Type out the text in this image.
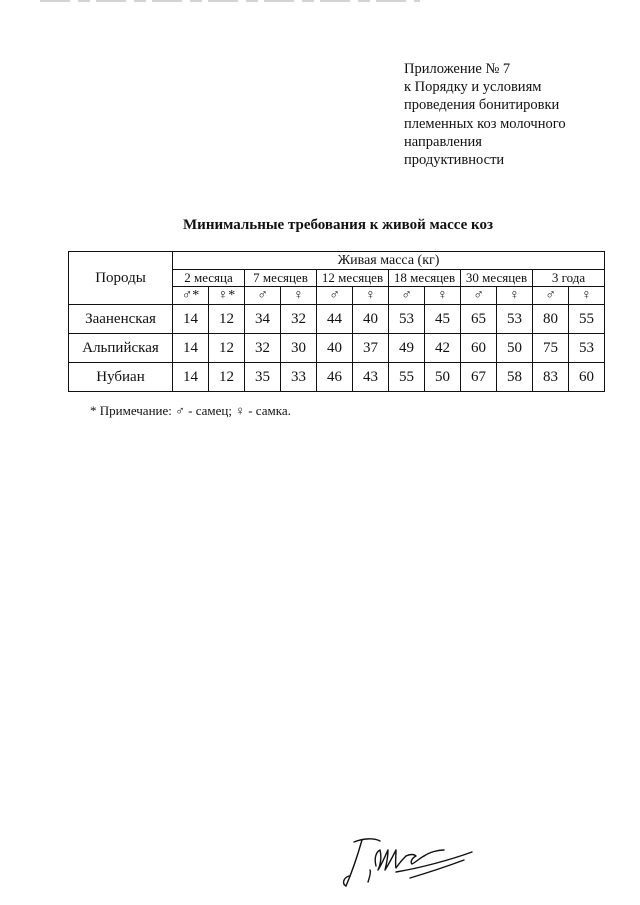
Приложение № 7
к Порядку и условиям
проведения бонитировки
племенных коз молочного
направления
продуктивности
Минимальные требования к живой массе коз
Породы	Живая масса (кг)											
	2 месяца		7 месяцев		12 месяцев		18 месяцев		30 месяцев		3 года	
	♂*	♀*	♂	♀	♂	♀	♂	♀	♂	♀	♂	♀
Зааненская	14	12	34	32	44	40	53	45	65	53	80	55
Альпийская	14	12	32	30	40	37	49	42	60	50	75	53
Нубиан	14	12	35	33	46	43	55	50	67	58	83	60
* Примечание: ♂ - самец; ♀ - самка.
